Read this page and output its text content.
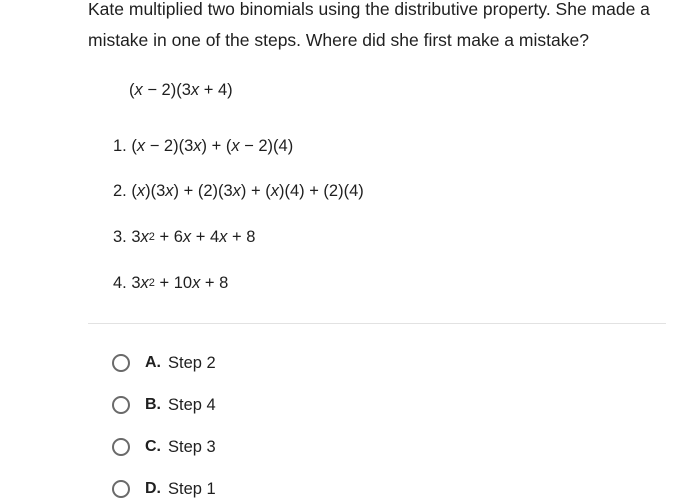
Kate multiplied two binomials using the distributive property. She made a mistake in one of the steps. Where did she first make a mistake?

(x − 2)(3x + 4)
1. (x − 2)(3x) + (x − 2)(4)
2. (x)(3x) + (2)(3x) + (x)(4) + (2)(4)
3. $3x^2 + 6x + 4x + 8$
4. $3x^2 + 10x + 8$
A. Step 2
B. Step 4
C. Step 3
D. Step 1
